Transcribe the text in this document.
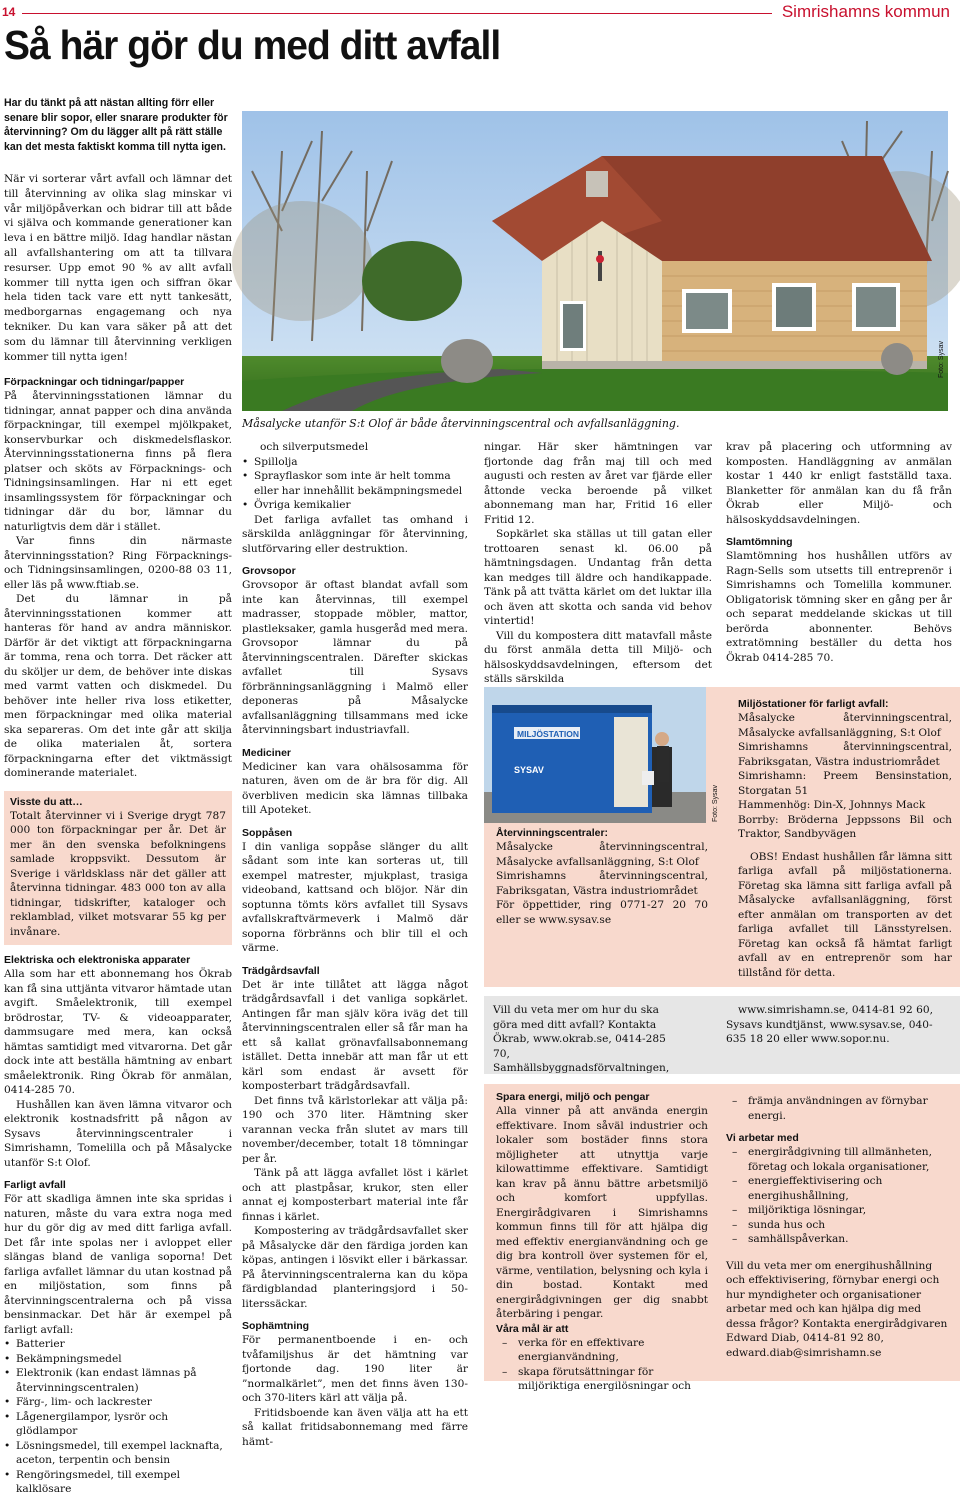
14	Simrishamns kommun
Så här gör du med ditt avfall
Har du tänkt på att nästan allting förr eller senare blir sopor, eller snarare produkter för återvinning? Om du lägger allt på rätt ställe kan det mesta faktiskt komma till nytta igen.
När vi sorterar vårt avfall och lämnar det till återvinning av olika slag minskar vi vår miljöpåverkan och bidrar till att både vi själva och kommande generationer kan leva i en bättre miljö. Idag handlar nästan all avfallshantering om att ta tillvara resurser. Upp emot 90 % av allt avfall kommer till nytta igen och siffran ökar hela tiden tack vare ett nytt tankesätt, medborgarnas engagemang och nya tekniker. Du kan vara säker på att det som du lämnar till återvinning verkligen kommer till nytta igen!
Måsalycke utanför S:t Olof är både återvinningscentral och avfallsanläggning.
Foto: Sysav
Förpackningar och tidningar/papper
På återvinningsstationen lämnar du tidningar, annat papper och dina använda förpackningar, till exempel mjölkpaket, konservburkar och diskmedelsflaskor. Återvinningsstationerna finns på flera platser och sköts av Förpacknings- och Tidningsinsamlingen. Har ni ett eget insamlingssystem för förpackningar och tidningar där du bor, lämnar du naturligtvis dem där i stället.
Var finns din närmaste återvinningsstation? Ring Förpacknings- och Tidningsinsamlingen, 0200-88 03 11, eller läs på www.ftiab.se.
Det du lämnar in på återvinningsstationen kommer att hanteras för hand av andra människor. Därför är det viktigt att förpackningarna är tomma, rena och torra. Det räcker att du sköljer ur dem, de behöver inte diskas med varmt vatten och diskmedel. Du behöver inte heller riva loss etiketter, men förpackningar med olika material ska separeras. Om det inte går att skilja de olika materialen åt, sortera förpackningarna efter det viktmässigt dominerande materialet.
Visste du att…
Totalt återvinner vi i Sverige drygt 787 000 ton förpackningar per år. Det är mer än den svenska befolkningens samlade kroppsvikt. Dessutom är Sverige i världsklass när det gäller att återvinna tidningar. 483 000 ton av alla tidningar, tidskrifter, kataloger och reklamblad, vilket motsvarar 55 kg per invånare.
Elektriska och elektroniska apparater
Alla som har ett abonnemang hos Ökrab kan få sina uttjänta vitvaror hämtade utan avgift. Småelektronik, till exempel brödrostar, TV- & videoapparater, dammsugare med mera, kan också hämtas samtidigt med vitvarorna. Det går dock inte att beställa hämtning av enbart småelektronik. Ring Ökrab för anmälan, 0414-285 70.
Hushållen kan även lämna vitvaror och elektronik kostnadsfritt på någon av Sysavs återvinningscentraler i Simrishamn, Tomelilla och på Måsalycke utanför S:t Olof.
Farligt avfall
För att skadliga ämnen inte ska spridas i naturen, måste du vara extra noga med hur du gör dig av med ditt farliga avfall. Det får inte spolas ner i avloppet eller slängas bland de vanliga soporna! Det farliga avfallet lämnar du utan kostnad på en miljöstation, som finns på återvinningscentralerna och på vissa bensinmackar. Det här är exempel på farligt avfall:
• Batterier
• Bekämpningsmedel
• Elektronik (kan endast lämnas på återvinningscentralen)
• Färg-, lim- och lackrester
• Lågenergilampor, lysrör och glödlampor
• Lösningsmedel, till exempel lacknafta, aceton, terpentin och bensin
• Rengöringsmedel, till exempel kalklösare
och silverputsmedel
• Spillolja
• Sprayflaskor som inte är helt tomma eller har innehållit bekämpningsmedel
• Övriga kemikalier
Det farliga avfallet tas omhand i särskilda anläggningar för återvinning, slutförvaring eller destruktion.
Grovsopor
Grovsopor är oftast blandat avfall som inte kan återvinnas, till exempel madrasser, stoppade möbler, mattor, plastleksaker, gamla husgeråd med mera. Grovsopor lämnar du på återvinningscentralen. Därefter skickas avfallet till Sysavs förbränningsanläggning i Malmö eller deponeras på Måsalycke avfallsanläggning tillsammans med icke återvinningsbart industriavfall.
Mediciner
Mediciner kan vara ohälsosamma för naturen, även om de är bra för dig. All överbliven medicin ska lämnas tillbaka till Apoteket.
Soppåsen
I din vanliga soppåse slänger du allt sådant som inte kan sorteras ut, till exempel matrester, mjukplast, trasiga videoband, kattsand och blöjor. När din soptunna tömts körs avfallet till Sysavs avfallskraftvärmeverk i Malmö där soporna förbränns och blir till el och värme.
Trädgårdsavfall
Det är inte tillåtet att lägga något trädgårdsavfall i det vanliga sopkärlet. Antingen får man själv köra iväg det till återvinningscentralen eller så får man ha ett så kallat grönavfallsabonnemang istället. Detta innebär att man får ut ett kärl som endast är avsett för komposterbart trädgårdsavfall.
Det finns två kärlstorlekar att välja på: 190 och 370 liter. Hämtning sker varannan vecka från slutet av mars till november/december, totalt 18 tömningar per år.
Tänk på att lägga avfallet löst i kärlet och att plastpåsar, krukor, sten eller annat ej komposterbart material inte får finnas i kärlet.
Kompostering av trädgårdsavfallet sker på Måsalycke där den färdiga jorden kan köpas, antingen i lösvikt eller i bärkassar. På återvinningscentralerna kan du köpa färdigblandad planteringsjord i 50-literssäckar.
Sophämtning
För permanentboende i en- och tvåfamiljshus är det hämtning var fjortonde dag. 190 liter är ”normalkärlet”, men det finns även 130- och 370-liters kärl att välja på.
Fritidsboende kan även välja att ha ett så kallat fritidsabonnemang med färre hämt-
ningar. Här sker hämtningen var fjortonde dag från maj till och med augusti och resten av året var fjärde eller åttonde vecka beroende på vilket abonnemang man har, Fritid 16 eller Fritid 12.
Sopkärlet ska ställas ut till gatan eller trottoaren senast kl. 06.00 på hämtningsdagen. Undantag från detta kan medges till äldre och handikappade. Tänk på att tvätta kärlet om det luktar illa och även att skotta och sanda vid behov vintertid!
Vill du kompostera ditt matavfall måste du först anmäla detta till Miljö- och hälsoskyddsavdelningen, eftersom det ställs särskilda
krav på placering och utformning av komposten. Handläggning av anmälan kostar 1 440 kr enligt fastställd taxa. Blanketter för anmälan kan du få från Ökrab eller Miljö- och hälsoskyddsavdelningen.
Slamtömning
Slamtömning hos hushållen utförs av Ragn-Sells som utsetts till entreprenör i Simrishamns och Tomelilla kommuner. Obligatorisk tömning sker en gång per år och separat meddelande skickas ut till berörda abonnenter. Behövs extratömning beställer du detta hos Ökrab 0414-285 70.
MILJÖSTATION
SYSAV
Foto: Sysav
Återvinningscentraler:
Måsalycke återvinningscentral, Måsalycke avfallsanläggning, S:t Olof
Simrishamns återvinningscentral, Fabriksgatan, Västra industriområdet
För öppettider, ring 0771-27 20 70 eller se www.sysav.se
Miljöstationer för farligt avfall:
Måsalycke återvinningscentral, Måsalycke avfallsanläggning, S:t Olof
Simrishamns återvinningscentral, Fabriksgatan, Västra industriområdet
Simrishamn: Preem Bensinstation, Storgatan 51
Hammenhög: Din-X, Johnnys Mack
Borrby: Bröderna Jeppssons Bil och Traktor, Sandbyvägen
OBS! Endast hushållen får lämna sitt farliga avfall på miljöstationerna. Företag ska lämna sitt farliga avfall på Måsalycke avfallsanläggning, först efter anmälan om transporten av det farliga avfallet till Länsstyrelsen. Företag kan också få hämtat farligt avfall av en entreprenör som har tillstånd för detta.
Vill du veta mer om hur du ska göra med ditt avfall? Kontakta Ökrab, www.okrab.se, 0414-285 70, Samhällsbyggnadsförvaltningen,
www.simrishamn.se, 0414-81 92 60, Sysavs kundtjänst, www.sysav.se, 040-635 18 20 eller www.sopor.nu.
Spara energi, miljö och pengar
Alla vinner på att använda energin effektivare. Inom såväl industrier och lokaler som bostäder finns stora möjligheter att utnyttja varje kilowattimme effektivare. Samtidigt kan krav på ännu bättre arbetsmiljö och komfort uppfyllas. Energirådgivaren i Simrishamns kommun finns till för att hjälpa dig med effektiv energianvändning och ge dig bra kontroll över systemen för el, värme, ventilation, belysning och kyla i din bostad. Kontakt med energirådgivningen ger dig snabbt återbäring i pengar.
Våra mål är att
– verka för en effektivare energianvändning,
– skapa förutsättningar för miljöriktiga energilösningar och
– främja användningen av förnybar energi.
Vi arbetar med
– energirådgivning till allmänheten, företag och lokala organisationer,
– energieffektivisering och energihushållning,
– miljöriktiga lösningar,
– sunda hus och
– samhällspåverkan.
Vill du veta mer om energihushållning och effektivisering, förnybar energi och hur myndigheter och organisationer arbetar med och kan hjälpa dig med dessa frågor? Kontakta energirådgivaren Edward Diab, 0414-81 92 80, edward.diab@simrishamn.se
